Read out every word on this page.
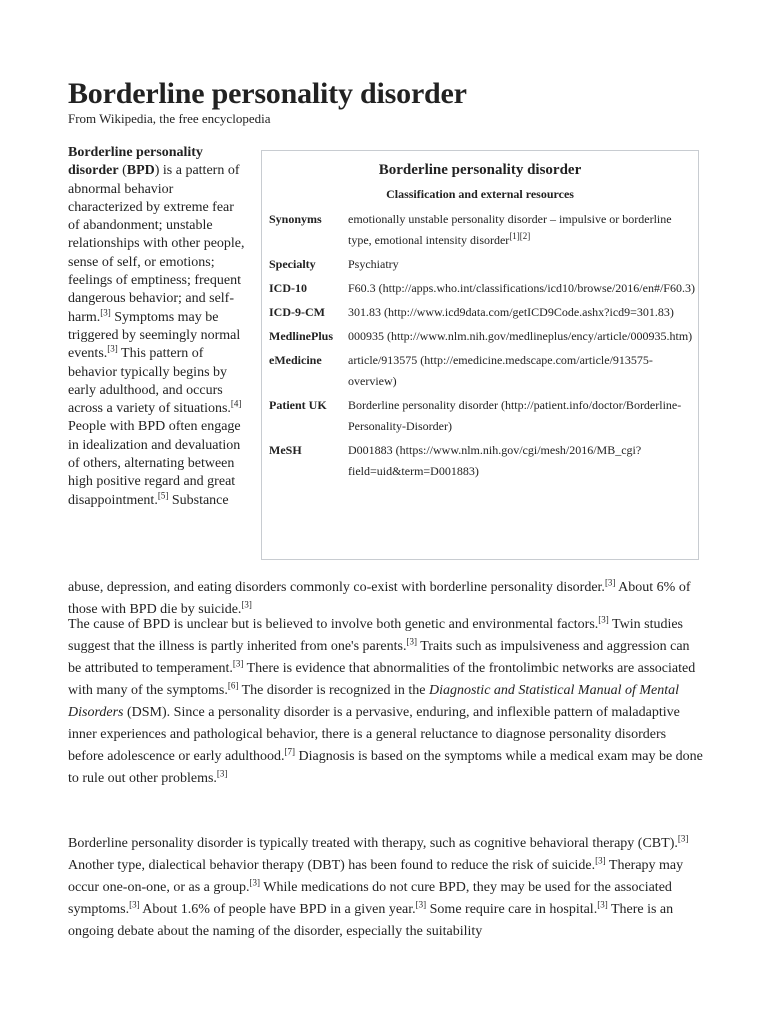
Borderline personality disorder
From Wikipedia, the free encyclopedia
Borderline personality disorder (BPD) is a pattern of abnormal behavior characterized by extreme fear of abandonment; unstable relationships with other people, sense of self, or emotions; feelings of emptiness; frequent dangerous behavior; and self-harm.[3] Symptoms may be triggered by seemingly normal events.[3] This pattern of behavior typically begins by early adulthood, and occurs across a variety of situations.[4] People with BPD often engage in idealization and devaluation of others, alternating between high positive regard and great disappointment.[5] Substance
abuse, depression, and eating disorders commonly co-exist with borderline personality disorder.[3] About 6% of those with BPD die by suicide.[3]
Borderline personality disorder
Classification and external resources
Synonyms	emotionally unstable personality disorder – impulsive or borderline type, emotional intensity disorder[1][2]
Specialty	Psychiatry
ICD-10	F60.3 (http://apps.who.int/classifications/icd10/browse/2016/en#/F60.3)
ICD-9-CM	301.83 (http://www.icd9data.com/getICD9Code.ashx?icd9=301.83)
MedlinePlus	000935 (http://www.nlm.nih.gov/medlineplus/ency/article/000935.htm)
eMedicine	article/913575 (http://emedicine.medscape.com/article/913575-overview)
Patient UK	Borderline personality disorder (http://patient.info/doctor/Borderline-Personality-Disorder)
MeSH	D001883 (https://www.nlm.nih.gov/cgi/mesh/2016/MB_cgi?field=uid&term=D001883)

The cause of BPD is unclear but is believed to involve both genetic and environmental factors.[3] Twin studies suggest that the illness is partly inherited from one's parents.[3] Traits such as impulsiveness and aggression can be attributed to temperament.[3] There is evidence that abnormalities of the frontolimbic networks are associated with many of the symptoms.[6] The disorder is recognized in the Diagnostic and Statistical Manual of Mental Disorders (DSM). Since a personality disorder is a pervasive, enduring, and inflexible pattern of maladaptive inner experiences and pathological behavior, there is a general reluctance to diagnose personality disorders before adolescence or early adulthood.[7] Diagnosis is based on the symptoms while a medical exam may be done to rule out other problems.[3]

Borderline personality disorder is typically treated with therapy, such as cognitive behavioral therapy (CBT).[3] Another type, dialectical behavior therapy (DBT) has been found to reduce the risk of suicide.[3] Therapy may occur one-on-one, or as a group.[3] While medications do not cure BPD, they may be used for the associated symptoms.[3] About 1.6% of people have BPD in a given year.[3] Some require care in hospital.[3] There is an ongoing debate about the naming of the disorder, especially the suitability
